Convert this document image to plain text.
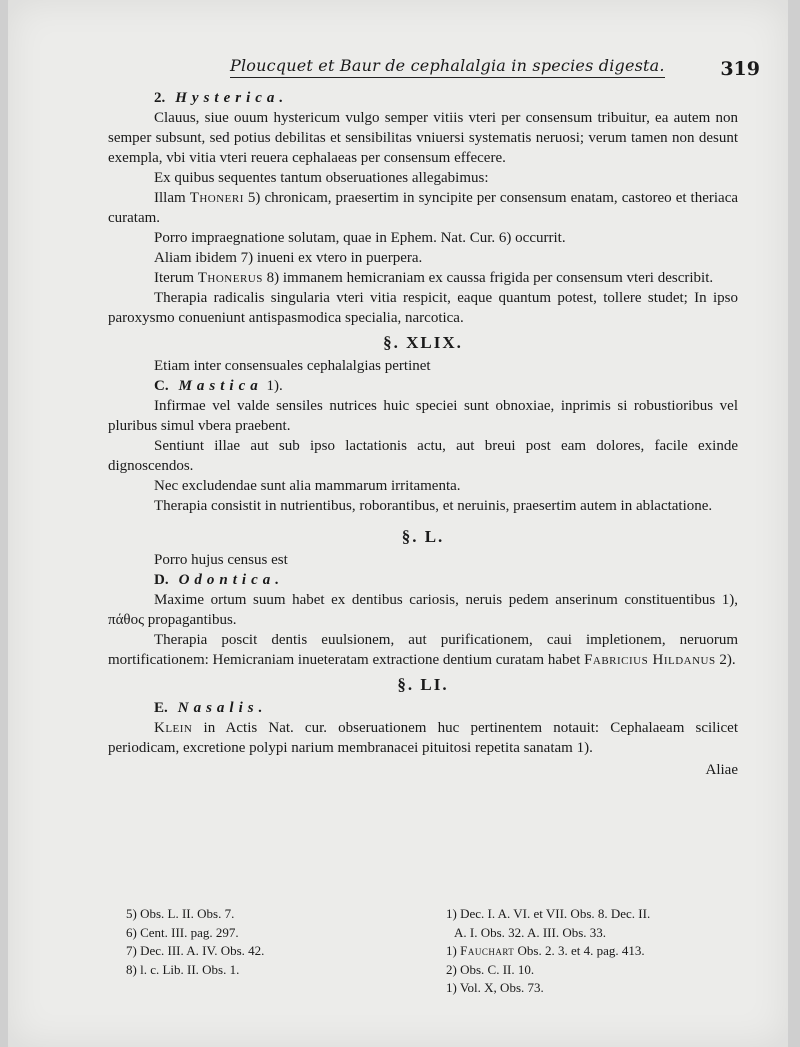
Ploucquet et Baur de cephalalgia in species digesta.	319
2. Hysterica.

Clauus, siue ouum hystericum vulgo semper vitiis vteri per consensum tribuitur, ea autem non semper subsunt, sed potius debilitas et sensibilitas vniuersi systematis neruosi; verum tamen non desunt exempla, vbi vitia vteri reuera cephalaeas per consensum effecere.

Ex quibus sequentes tantum obseruationes allegabimus:

Illam Thoneri 5) chronicam, praesertim in syncipite per consensum enatam, castoreo et theriaca curatam.

Porro impraegnatione solutam, quae in Ephem. Nat. Cur. 6) occurrit.

Aliam ibidem 7) inueni ex vtero in puerpera.

Iterum Thonerus 8) immanem hemicraniam ex caussa frigida per consensum vteri describit.

Therapia radicalis singularia vteri vitia respicit, eaque quantum potest, tollere studet; In ipso paroxysmo conueniunt antispasmodica specialia, narcotica.

§. XLIX.

Etiam inter consensuales cephalalgias pertinet

C. Mastica 1).

Infirmae vel valde sensiles nutrices huic speciei sunt obnoxiae, inprimis si robustioribus vel pluribus simul vbera praebent.

Sentiunt illae aut sub ipso lactationis actu, aut breui post eam dolores, facile exinde dignoscendos.

Nec excludendae sunt alia mammarum irritamenta.

Therapia consistit in nutrientibus, roborantibus, et neruinis, praesertim autem in ablactatione.

§. L.

Porro hujus census est

D. Odontica.

Maxime ortum suum habet ex dentibus cariosis, neruis pedem anserinum constituentibus 1), πάθος propagantibus.

Therapia poscit dentis euulsionem, aut purificationem, caui impletionem, neruorum mortificationem: Hemicraniam inueteratam extractione dentium curatam habet Fabricius Hildanus 2).

§. LI.
E. Nasalis.

Klein in Actis Nat. cur. obseruationem huc pertinentem notauit: Cephalaeam scilicet periodicam, excretione polypi narium membranacei pituitosi repetita sanatam 1).

Aliae
5) Obs. L. II. Obs. 7.
6) Cent. III. pag. 297.
7) Dec. III. A. IV. Obs. 42.
8) l. c. Lib. II. Obs. 1.
1) Dec. I. A. VI. et VII. Obs. 8. Dec. II.
A. I. Obs. 32. A. III. Obs. 33.
1) Fauchart Obs. 2. 3. et 4. pag. 413.
2) Obs. C. II. 10.
1) Vol. X, Obs. 73.
